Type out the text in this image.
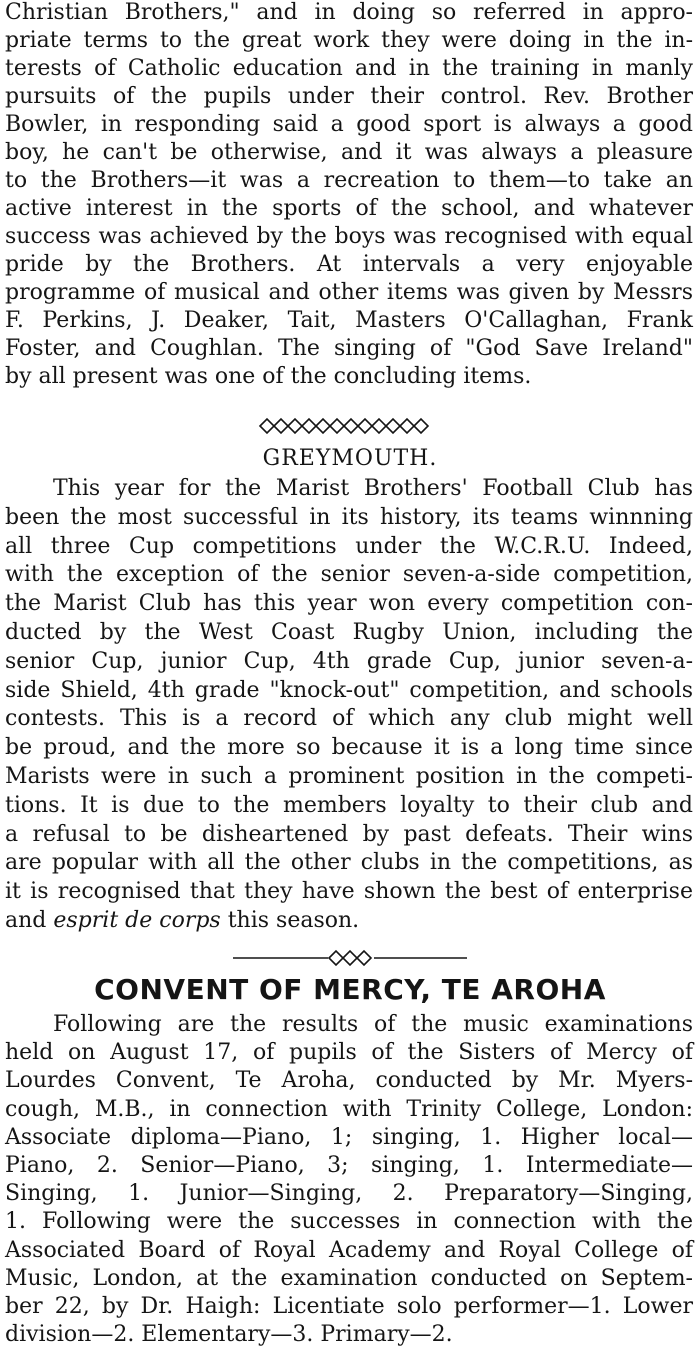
Christian Brothers," and in doing so referred in appro-
priate terms to the great work they were doing in the in-
terests of Catholic education and in the training in manly
pursuits of the pupils under their control. Rev. Brother
Bowler, in responding said a good sport is always a good
boy, he can't be otherwise, and it was always a pleasure
to the Brothers—it was a recreation to them—to take an
active interest in the sports of the school, and whatever
success was achieved by the boys was recognised with equal
pride by the Brothers. At intervals a very enjoyable
programme of musical and other items was given by Messrs
F. Perkins, J. Deaker, Tait, Masters O'Callaghan, Frank
Foster, and Coughlan. The singing of "God Save Ireland"
by all present was one of the concluding items.
GREYMOUTH.
This year for the Marist Brothers' Football Club has
been the most successful in its history, its teams winnning
all three Cup competitions under the W.C.R.U. Indeed,
with the exception of the senior seven-a-side competition,
the Marist Club has this year won every competition con-
ducted by the West Coast Rugby Union, including the
senior Cup, junior Cup, 4th grade Cup, junior seven-a-
side Shield, 4th grade "knock-out" competition, and schools
contests. This is a record of which any club might well
be proud, and the more so because it is a long time since
Marists were in such a prominent position in the competi-
tions. It is due to the members loyalty to their club and
a refusal to be disheartened by past defeats. Their wins
are popular with all the other clubs in the competitions, as
it is recognised that they have shown the best of enterprise
and esprit de corps this season.
CONVENT OF MERCY, TE AROHA
Following are the results of the music examinations
held on August 17, of pupils of the Sisters of Mercy of
Lourdes Convent, Te Aroha, conducted by Mr. Myers-
cough, M.B., in connection with Trinity College, London:
Associate diploma—Piano, 1; singing, 1. Higher local—
Piano, 2. Senior—Piano, 3; singing, 1. Intermediate—
Singing, 1. Junior—Singing, 2. Preparatory—Singing,
1. Following were the successes in connection with the
Associated Board of Royal Academy and Royal College of
Music, London, at the examination conducted on Septem-
ber 22, by Dr. Haigh: Licentiate solo performer—1. Lower
division—2. Elementary—3. Primary—2.
